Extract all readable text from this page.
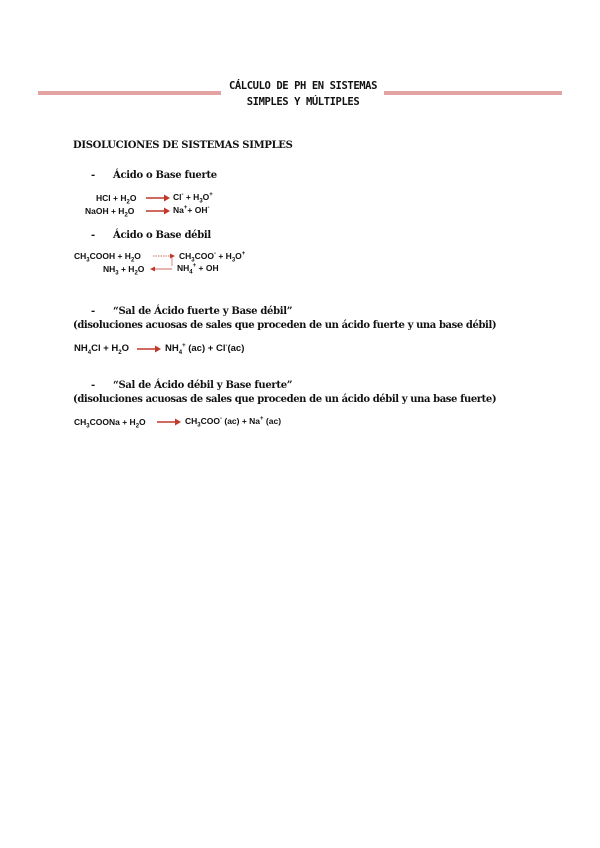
CÁLCULO DE PH EN SISTEMAS
SIMPLES Y MÚLTIPLES
DISOLUCIONES DE SISTEMAS SIMPLES
- Ácido o Base fuerte
HCl + $H_2O \to Cl^- + H_3O^+$
NaOH + $H_2O \to Na^++ OH^-$
- Ácido o Base débil
$CH_3COOH + H_2O \to CH_3COO^- + H_3O^+$
$NH_3 + H_2O$	$NH_4^+$ + OH
- “Sal de Ácido fuerte y Base débil”
(disoluciones acuosas de sales que proceden de un ácido fuerte y una base débil)
$NH_4Cl + H_2O \to NH_4^+$ (ac) + Cl-(ac)
- “Sal de Ácido débil y Base fuerte”
(disoluciones acuosas de sales que proceden de un ácido débil y una base fuerte)
$CH_3COONa + H_2O \to CH_3COO^-$ (ac) + Na+ (ac)
